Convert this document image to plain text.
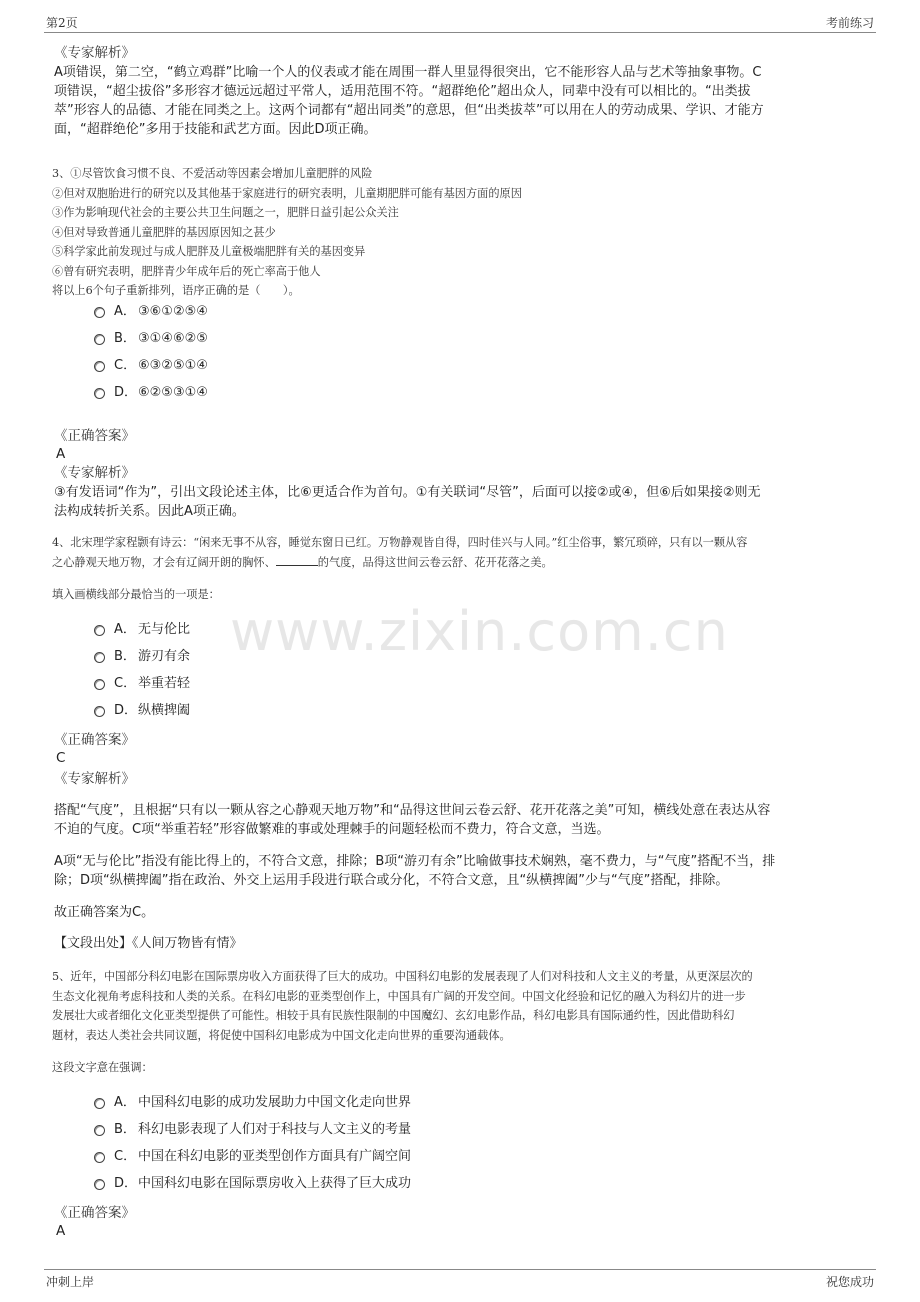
第2页	考前练习
www.zixin.com.cn
《专家解析》
A项错误，第二空，“鹤立鸡群”比喻一个人的仪表或才能在周围一群人里显得很突出，它不能形容人品与艺术等抽象事物。C
项错误，“超尘拔俗”多形容才德远远超过平常人，适用范围不符。“超群绝伦”超出众人，同辈中没有可以相比的。“出类拔
萃”形容人的品德、才能在同类之上。这两个词都有“超出同类”的意思，但“出类拔萃”可以用在人的劳动成果、学识、才能方
面，“超群绝伦”多用于技能和武艺方面。因此D项正确。
3、①尽管饮食习惯不良、不爱活动等因素会增加儿童肥胖的风险
②但对双胞胎进行的研究以及其他基于家庭进行的研究表明，儿童期肥胖可能有基因方面的原因
③作为影响现代社会的主要公共卫生问题之一，肥胖日益引起公众关注
④但对导致普通儿童肥胖的基因原因知之甚少
⑤科学家此前发现过与成人肥胖及儿童极端肥胖有关的基因变异
⑥曾有研究表明，肥胖青少年成年后的死亡率高于他人
将以上6个句子重新排列，语序正确的是（　　）。
A． ③⑥①②⑤④
B． ③①④⑥②⑤
C． ⑥③②⑤①④
D． ⑥②⑤③①④
《正确答案》
A
《专家解析》
③有发语词“作为”，引出文段论述主体，比⑥更适合作为首句。①有关联词“尽管”，后面可以接②或④，但⑥后如果接②则无
法构成转折关系。因此A项正确。
4、北宋理学家程颢有诗云：“闲来无事不从容，睡觉东窗日已红。万物静观皆自得，四时佳兴与人同。”红尘俗事，繁冗琐碎，只有以一颗从容
之心静观天地万物，才会有辽阔开朗的胸怀、	的气度，品得这世间云卷云舒、花开花落之美。
填入画横线部分最恰当的一项是：
A． 无与伦比
B． 游刃有余
C． 举重若轻
D． 纵横捭阖
《正确答案》
C
《专家解析》
搭配“气度”，且根据“只有以一颗从容之心静观天地万物”和“品得这世间云卷云舒、花开花落之美”可知，横线处意在表达从容
不迫的气度。C项“举重若轻”形容做繁难的事或处理棘手的问题轻松而不费力，符合文意，当选。
A项“无与伦比”指没有能比得上的，不符合文意，排除；B项“游刃有余”比喻做事技术娴熟，毫不费力，与“气度”搭配不当，排
除；D项“纵横捭阖”指在政治、外交上运用手段进行联合或分化，不符合文意，且“纵横捭阖”少与“气度”搭配，排除。
故正确答案为C。
【文段出处】《人间万物皆有情》
5、近年，中国部分科幻电影在国际票房收入方面获得了巨大的成功。中国科幻电影的发展表现了人们对科技和人文主义的考量，从更深层次的
生态文化视角考虑科技和人类的关系。在科幻电影的亚类型创作上，中国具有广阔的开发空间。中国文化经验和记忆的融入为科幻片的进一步
发展壮大或者细化文化亚类型提供了可能性。相较于具有民族性限制的中国魔幻、玄幻电影作品，科幻电影具有国际通约性，因此借助科幻
题材，表达人类社会共同议题，将促使中国科幻电影成为中国文化走向世界的重要沟通载体。
这段文字意在强调：
A． 中国科幻电影的成功发展助力中国文化走向世界
B． 科幻电影表现了人们对于科技与人文主义的考量
C． 中国在科幻电影的亚类型创作方面具有广阔空间
D． 中国科幻电影在国际票房收入上获得了巨大成功
《正确答案》
A
冲刺上岸	祝您成功
